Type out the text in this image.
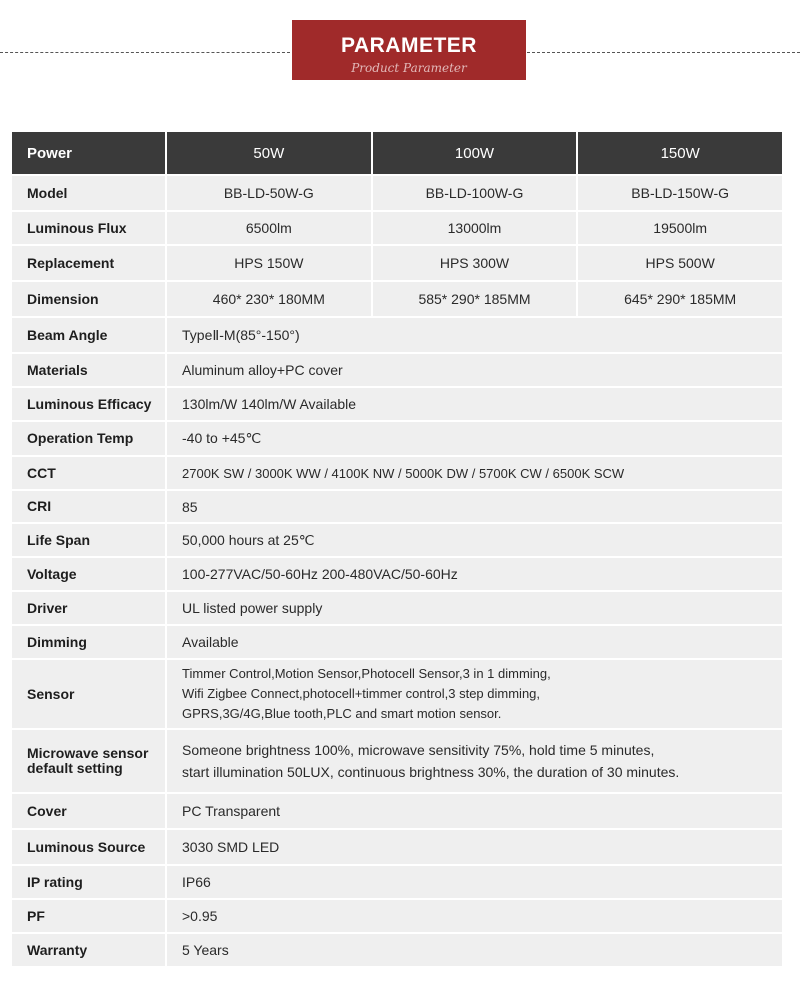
PARAMETER
Product Parameter
Power	50W	100W	150W
Model	BB-LD-50W-G	BB-LD-100W-G	BB-LD-150W-G
Luminous Flux	6500lm	13000lm	19500lm
Replacement	HPS 150W	HPS 300W	HPS 500W
Dimension	460* 230* 180MM	585* 290* 185MM	645* 290* 185MM
Beam Angle	TypeⅡ-M(85°-150°)		
Materials	Aluminum alloy+PC cover		
Luminous Efficacy	130lm/W 140lm/W Available		
Operation Temp	-40 to +45℃		
CCT	2700K SW / 3000K WW / 4100K NW / 5000K DW / 5700K CW / 6500K SCW		
CRI	85		
Life Span	50,000 hours at 25℃		
Voltage	100-277VAC/50-60Hz 200-480VAC/50-60Hz		
Driver	UL listed power supply		
Dimming	Available		
Sensor	Timmer Control,Motion Sensor,Photocell Sensor,3 in 1 dimming,
Wifi Zigbee Connect,photocell+timmer control,3 step dimming,
GPRS,3G/4G,Blue tooth,PLC and smart motion sensor.		

Microwave sensor
default setting	Someone brightness 100%, microwave sensitivity 75%, hold time 5 minutes,
start illumination 50LUX, continuous brightness 30%, the duration of 30 minutes.		

Cover	PC Transparent		
Luminous Source	3030 SMD LED		
IP rating	IP66		
PF	>0.95		
Warranty	5 Years		
